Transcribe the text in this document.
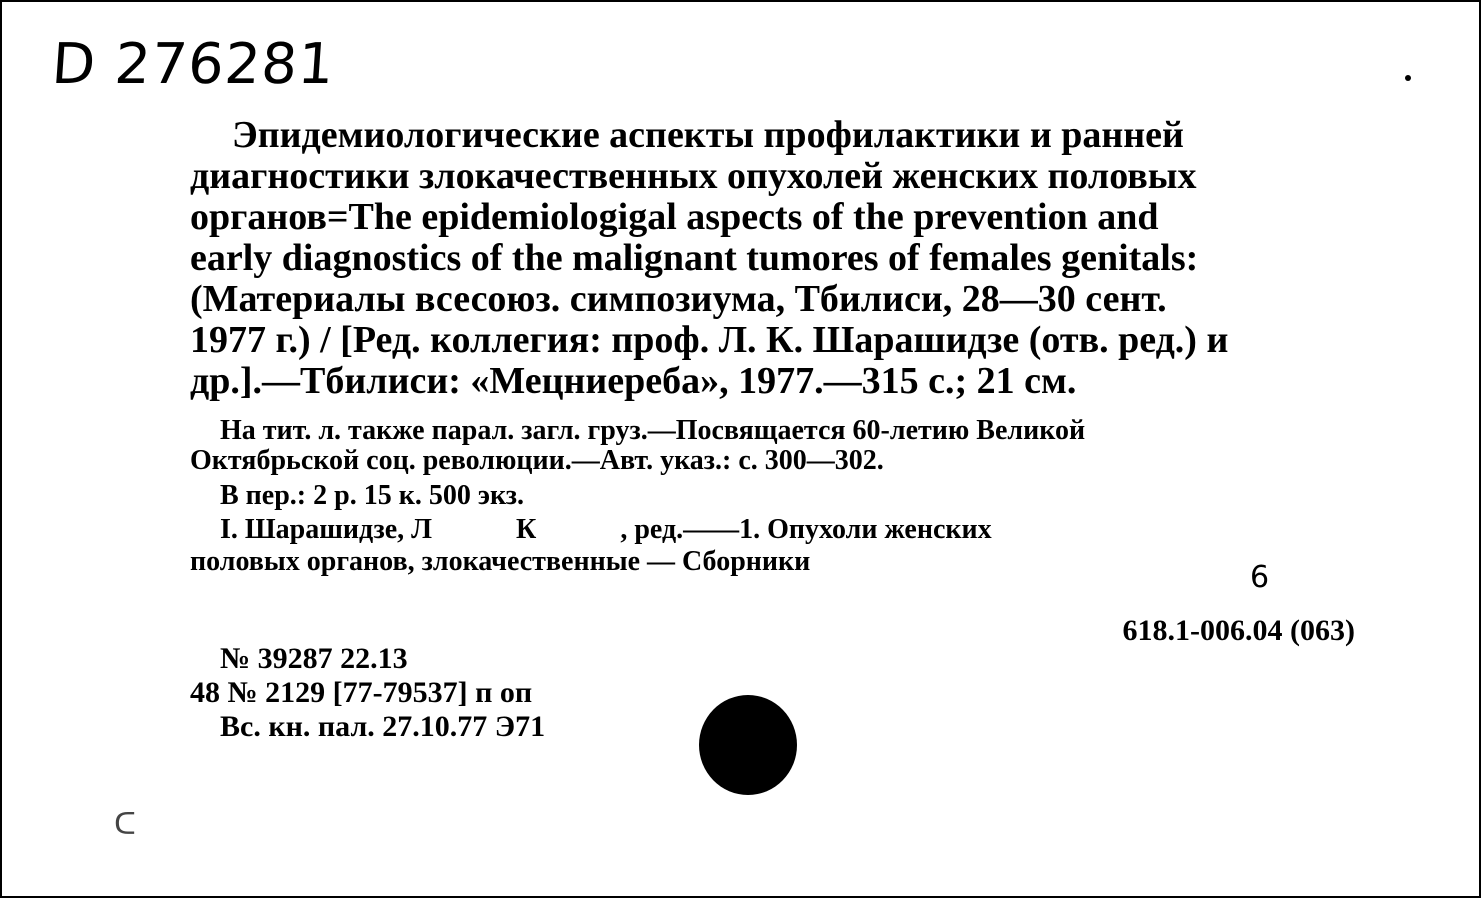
D 276281
Эпидемиологические аспекты профилактики и ранней
диагностики злокачественных опухолей женских половых
органов=The epidemiologigal aspects of the prevention and
early diagnostics of the malignant tumores of females genitals:
(Материалы всесоюз. симпозиума, Тбилиси, 28—30 сент.
1977 г.) / [Ред. коллегия: проф. Л. К. Шарашидзе (отв. ред.) и
др.].—Тбилиси: «Мецниереба», 1977.—315 с.; 21 см.

На тит. л. также парал. загл. груз.—Посвящается 60-летию Великой

Октябрьской соц. революции.—Авт. указ.: с. 300—302.

В пер.: 2 р. 15 к. 500 экз.
I. Шарашидзе, Л            К            , ред.——1. Опухоли женских
половых органов, злокачественные — Сборники	6
618.1-006.04 (063)
№ 39287 22.13
48 № 2129 [77-79537] п оп
Вс. кн. пал. 27.10.77 Э71
ᑕ
